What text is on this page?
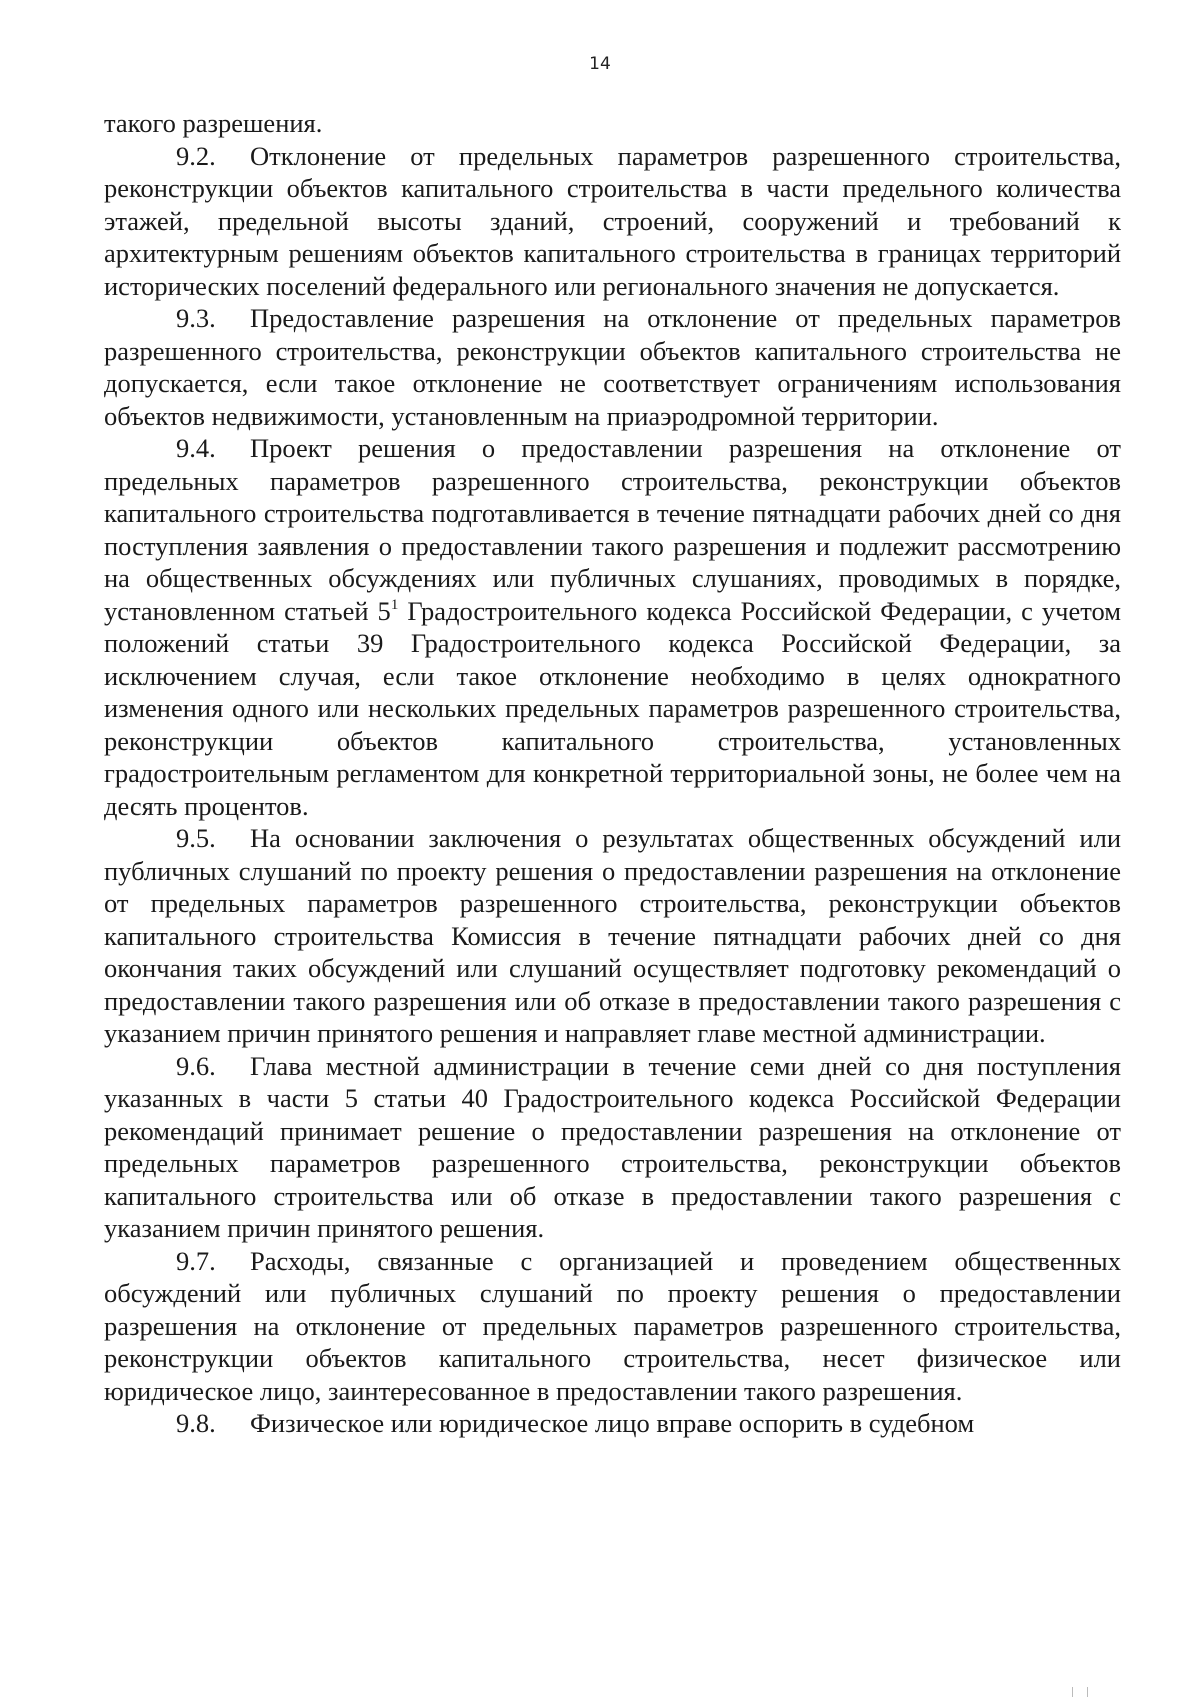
14

такого разрешения.

9.2. Отклонение от предельных параметров разрешенного строительства, реконструкции объектов капитального строительства в части предельного количества этажей, предельной высоты зданий, строений, сооружений и требований к архитектурным решениям объектов капитального строительства в границах территорий исторических поселений федерального или регионального значения не допускается.

9.3. Предоставление разрешения на отклонение от предельных параметров разрешенного строительства, реконструкции объектов капитального строительства не допускается, если такое отклонение не соответствует ограничениям использования объектов недвижимости, установленным на приаэродромной территории.

9.4. Проект решения о предоставлении разрешения на отклонение от предельных параметров разрешенного строительства, реконструкции объектов капитального строительства подготавливается в течение пятнадцати рабочих дней со дня поступления заявления о предоставлении такого разрешения и подлежит рассмотрению на общественных обсуждениях или публичных слушаниях, проводимых в порядке, установленном статьей $5^1$ Градостроительного кодекса Российской Федерации, с учетом положений статьи 39 Градостроительного кодекса Российской Федерации, за исключением случая, если такое отклонение необходимо в целях однократного изменения одного или нескольких предельных параметров разрешенного строительства, реконструкции объектов капитального строительства, установленных градостроительным регламентом для конкретной территориальной зоны, не более чем на десять процентов.

9.5. На основании заключения о результатах общественных обсуждений или публичных слушаний по проекту решения о предоставлении разрешения на отклонение от предельных параметров разрешенного строительства, реконструкции объектов капитального строительства Комиссия в течение пятнадцати рабочих дней со дня окончания таких обсуждений или слушаний осуществляет подготовку рекомендаций о предоставлении такого разрешения или об отказе в предоставлении такого разрешения с указанием причин принятого решения и направляет главе местной администрации.

9.6. Глава местной администрации в течение семи дней со дня поступления указанных в части 5 статьи 40 Градостроительного кодекса Российской Федерации рекомендаций принимает решение о предоставлении разрешения на отклонение от предельных параметров разрешенного строительства, реконструкции объектов капитального строительства или об отказе в предоставлении такого разрешения с указанием причин принятого решения.

9.7. Расходы, связанные с организацией и проведением общественных обсуждений или публичных слушаний по проекту решения о предоставлении разрешения на отклонение от предельных параметров разрешенного строительства, реконструкции объектов капитального строительства, несет физическое или юридическое лицо, заинтересованное в предоставлении такого разрешения.

9.8. Физическое или юридическое лицо вправе оспорить в судебном
